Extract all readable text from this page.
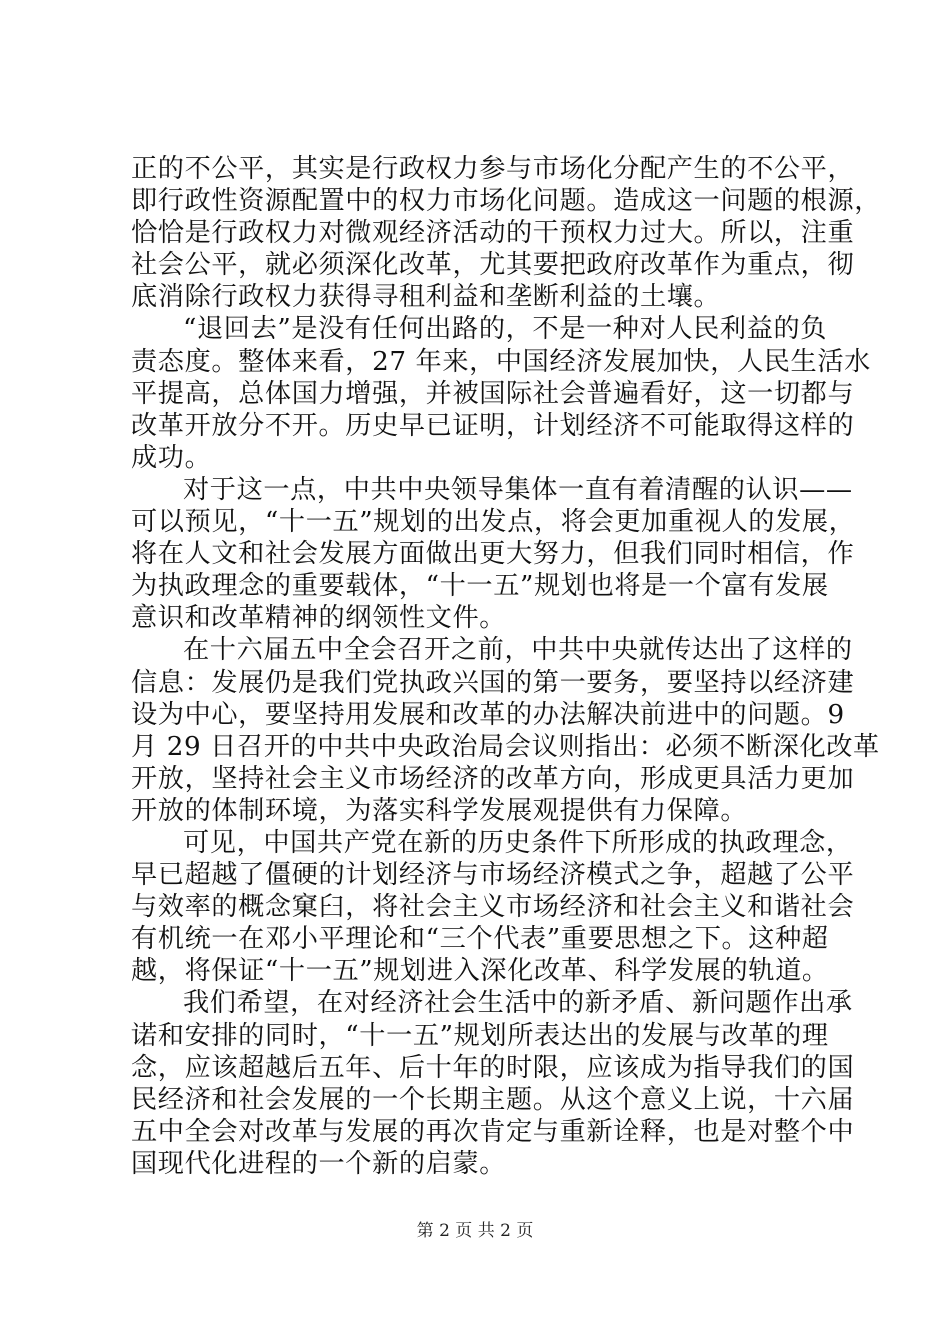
正的不公平，其实是行政权力参与市场化分配产生的不公平，
即行政性资源配置中的权力市场化问题。造成这一问题的根源，
恰恰是行政权力对微观经济活动的干预权力过大。所以，注重
社会公平，就必须深化改革，尤其要把政府改革作为重点，彻
底消除行政权力获得寻租利益和垄断利益的土壤。
“退回去”是没有任何出路的，不是一种对人民利益的负
责态度。整体来看，27 年来，中国经济发展加快，人民生活水
平提高，总体国力增强，并被国际社会普遍看好，这一切都与
改革开放分不开。历史早已证明，计划经济不可能取得这样的
成功。
对于这一点，中共中央领导集体一直有着清醒的认识——
可以预见，“十一五”规划的出发点，将会更加重视人的发展，
将在人文和社会发展方面做出更大努力，但我们同时相信，作
为执政理念的重要载体，“十一五”规划也将是一个富有发展
意识和改革精神的纲领性文件。
在十六届五中全会召开之前，中共中央就传达出了这样的
信息：发展仍是我们党执政兴国的第一要务，要坚持以经济建
设为中心，要坚持用发展和改革的办法解决前进中的问题。9
月 29 日召开的中共中央政治局会议则指出：必须不断深化改革
开放，坚持社会主义市场经济的改革方向，形成更具活力更加
开放的体制环境，为落实科学发展观提供有力保障。
可见，中国共产党在新的历史条件下所形成的执政理念，
早已超越了僵硬的计划经济与市场经济模式之争，超越了公平
与效率的概念窠臼，将社会主义市场经济和社会主义和谐社会
有机统一在邓小平理论和“三个代表”重要思想之下。这种超
越，将保证“十一五”规划进入深化改革、科学发展的轨道。
我们希望，在对经济社会生活中的新矛盾、新问题作出承
诺和安排的同时，“十一五”规划所表达出的发展与改革的理
念，应该超越后五年、后十年的时限，应该成为指导我们的国
民经济和社会发展的一个长期主题。从这个意义上说，十六届
五中全会对改革与发展的再次肯定与重新诠释，也是对整个中
国现代化进程的一个新的启蒙。
第 2 页 共 2 页
